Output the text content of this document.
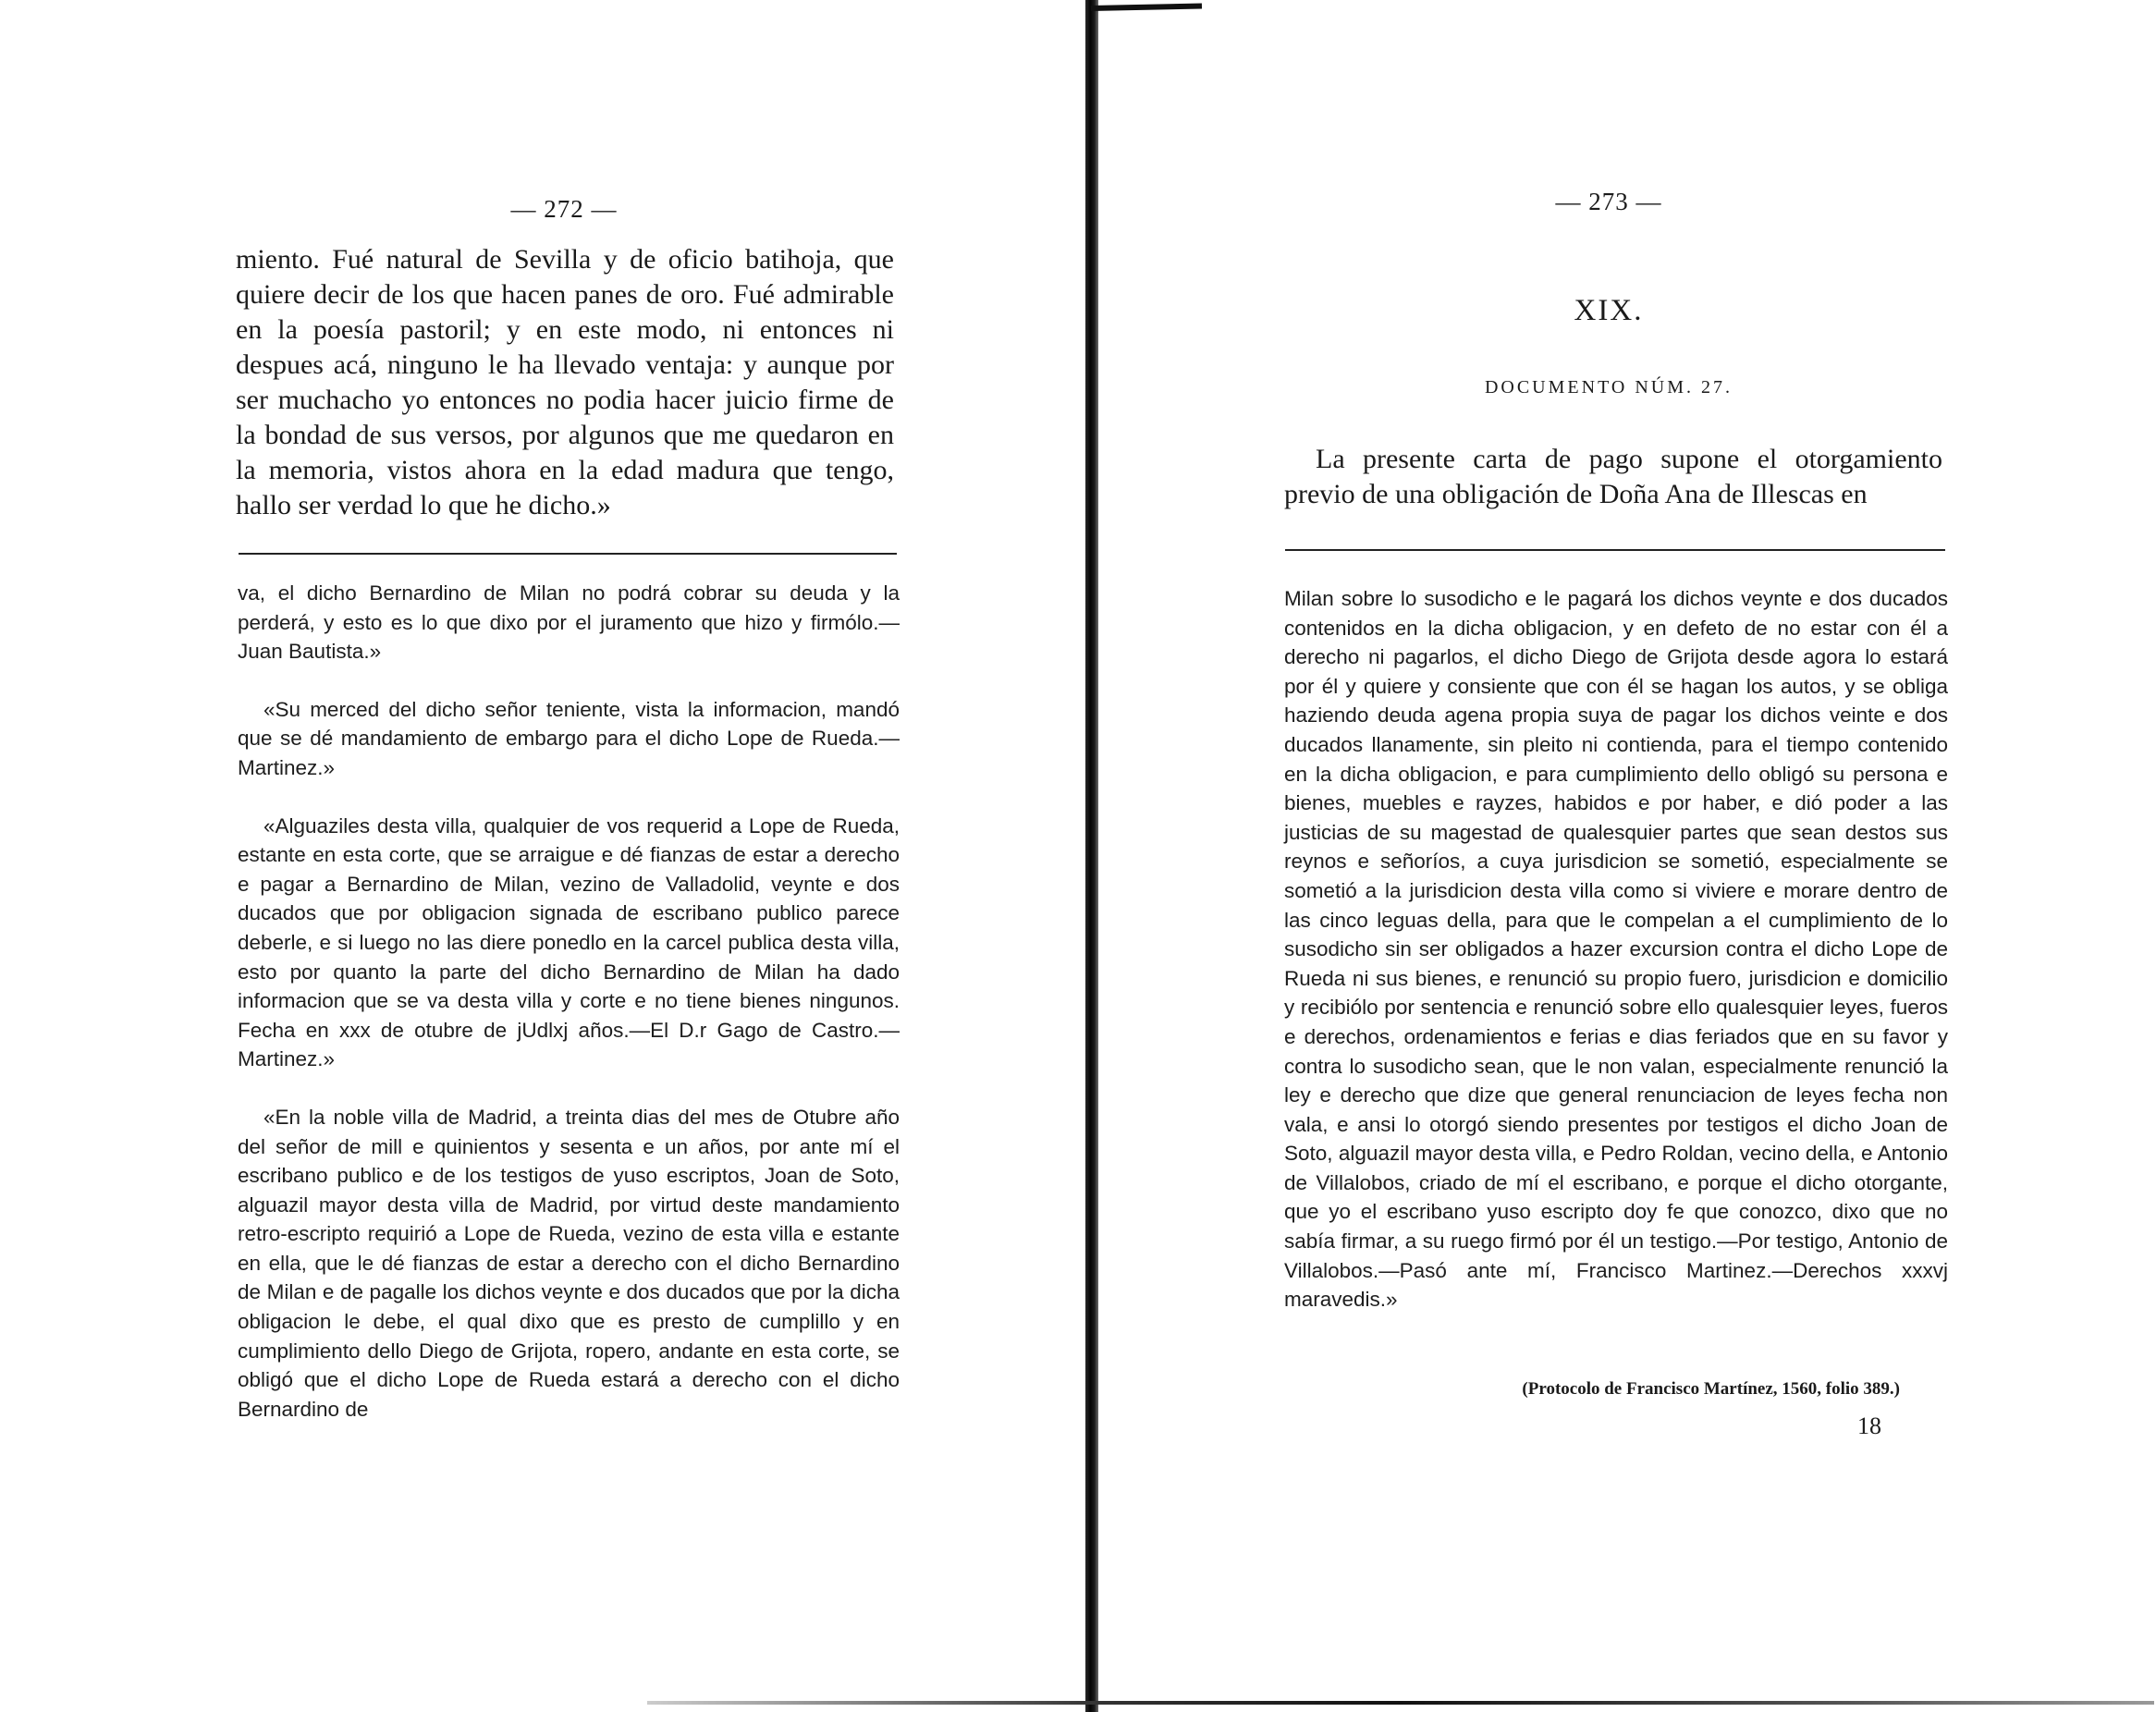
— 272 —

miento. Fué natural de Sevilla y de oficio batihoja, que quiere decir de los que hacen panes de oro. Fué admirable en la poesía pastoril; y en este modo, ni entonces ni despues acá, ninguno le ha llevado ventaja: y aunque por ser muchacho yo entonces no podia hacer juicio firme de la bondad de sus versos, por algunos que me quedaron en la memoria, vistos ahora en la edad madura que tengo, hallo ser verdad lo que he dicho.»

va, el dicho Bernardino de Milan no podrá cobrar su deuda y la perderá, y esto es lo que dixo por el juramento que hizo y firmólo.—Juan Bautista.»

«Su merced del dicho señor teniente, vista la informacion, mandó que se dé mandamiento de embargo para el dicho Lope de Rueda.—Martinez.»

«Alguaziles desta villa, qualquier de vos requerid a Lope de Rueda, estante en esta corte, que se arraigue e dé fianzas de estar a derecho e pagar a Bernardino de Milan, vezino de Valladolid, veynte e dos ducados que por obligacion signada de escribano publico parece deberle, e si luego no las diere ponedlo en la carcel publica desta villa, esto por quanto la parte del dicho Bernardino de Milan ha dado informacion que se va desta villa y corte e no tiene bienes ningunos. Fecha en xxx de otubre de jUdlxj años.—El D.r Gago de Castro.—Martinez.»

«En la noble villa de Madrid, a treinta dias del mes de Otubre año del señor de mill e quinientos y sesenta e un años, por ante mí el escribano publico e de los testigos de yuso escriptos, Joan de Soto, alguazil mayor desta villa de Madrid, por virtud deste mandamiento retro-escripto requirió a Lope de Rueda, vezino de esta villa e estante en ella, que le dé fianzas de estar a derecho con el dicho Bernardino de Milan e de pagalle los dichos veynte e dos ducados que por la dicha obligacion le debe, el qual dixo que es presto de cumplillo y en cumplimiento dello Diego de Grijota, ropero, andante en esta corte, se obligó que el dicho Lope de Rueda estará a derecho con el dicho Bernardino de

— 273 —
XIX.
DOCUMENTO NÚM. 27.

La presente carta de pago supone el otorgamiento previo de una obligación de Doña Ana de Illescas en

Milan sobre lo susodicho e le pagará los dichos veynte e dos ducados contenidos en la dicha obligacion, y en defeto de no estar con él a derecho ni pagarlos, el dicho Diego de Grijota desde agora lo estará por él y quiere y consiente que con él se hagan los autos, y se obliga haziendo deuda agena propia suya de pagar los dichos veinte e dos ducados llanamente, sin pleito ni contienda, para el tiempo contenido en la dicha obligacion, e para cumplimiento dello obligó su persona e bienes, muebles e rayzes, habidos e por haber, e dió poder a las justicias de su magestad de qualesquier partes que sean destos sus reynos e señoríos, a cuya jurisdicion se sometió, especialmente se sometió a la jurisdicion desta villa como si viviere e morare dentro de las cinco leguas della, para que le compelan a el cumplimiento de lo susodicho sin ser obligados a hazer excursion contra el dicho Lope de Rueda ni sus bienes, e renunció su propio fuero, jurisdicion e domicilio y recibiólo por sentencia e renunció sobre ello qualesquier leyes, fueros e derechos, ordenamientos e ferias e dias feriados que en su favor y contra lo susodicho sean, que le non valan, especialmente renunció la ley e derecho que dize que general renunciacion de leyes fecha non vala, e ansi lo otorgó siendo presentes por testigos el dicho Joan de Soto, alguazil mayor desta villa, e Pedro Roldan, vecino della, e Antonio de Villalobos, criado de mí el escribano, e porque el dicho otorgante, que yo el escribano yuso escripto doy fe que conozco, dixo que no sabía firmar, a su ruego firmó por él un testigo.—Por testigo, Antonio de Villalobos.—Pasó ante mí, Francisco Martinez.—Derechos xxxvj maravedis.»

(Protocolo de Francisco Martínez, 1560, folio 389.)
18
